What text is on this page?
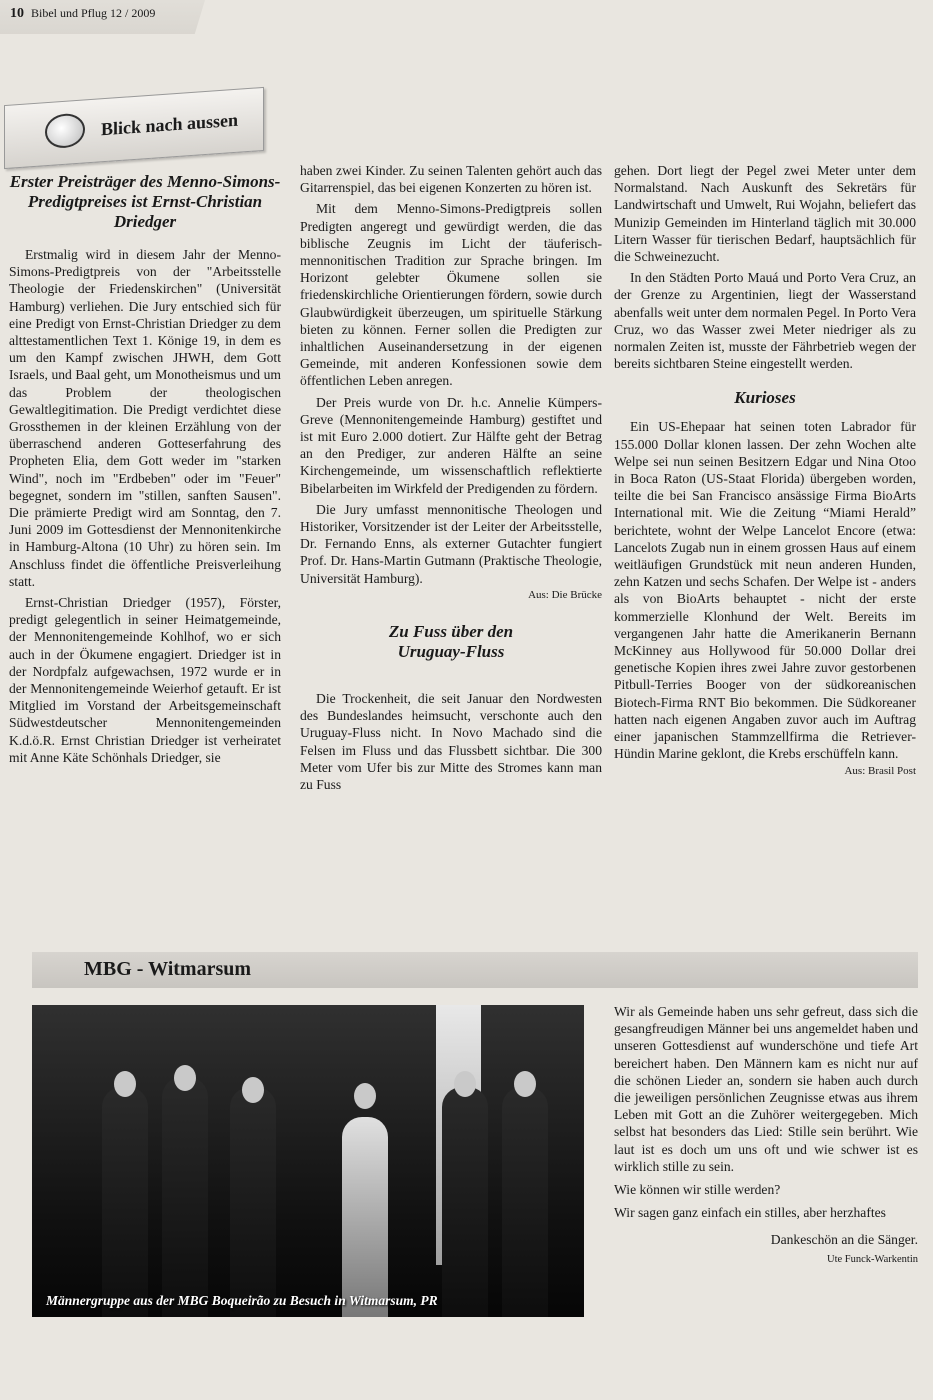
10 Bibel und Pflug 12 / 2009
Blick nach aussen
Erster Preisträger des Menno-Simons-Predigtpreises ist Ernst-Christian Driedger

Erstmalig wird in diesem Jahr der Menno-Simons-Predigtpreis von der "Arbeitsstelle Theologie der Friedenskirchen" (Universität Hamburg) verliehen. Die Jury entschied sich für eine Predigt von Ernst-Christian Driedger zu dem alttestamentlichen Text 1. Könige 19, in dem es um den Kampf zwischen JHWH, dem Gott Israels, und Baal geht, um Monotheismus und um das Problem der theologischen Gewaltlegitimation. Die Predigt verdichtet diese Grossthemen in der kleinen Erzählung von der überraschend anderen Gotteserfahrung des Propheten Elia, dem Gott weder im "starken Wind", noch im "Erdbeben" oder im "Feuer" begegnet, sondern im "stillen, sanften Sausen". Die prämierte Predigt wird am Sonntag, den 7. Juni 2009 im Gottesdienst der Mennonitenkirche in Hamburg-Altona (10 Uhr) zu hören sein. Im Anschluss findet die öffentliche Preisverleihung statt.

Ernst-Christian Driedger (1957), Förster, predigt gelegentlich in seiner Heimatgemeinde, der Mennonitengemeinde Kohlhof, wo er sich auch in der Ökumene engagiert. Driedger ist in der Nordpfalz aufgewachsen, 1972 wurde er in der Mennonitengemeinde Weierhof getauft. Er ist Mitglied im Vorstand der Arbeitsgemeinschaft Südwestdeutscher Mennonitengemeinden K.d.ö.R. Ernst Christian Driedger ist verheiratet mit Anne Käte Schönhals Driedger, sie

haben zwei Kinder. Zu seinen Talenten gehört auch das Gitarrenspiel, das bei eigenen Konzerten zu hören ist.

Mit dem Menno-Simons-Predigtpreis sollen Predigten angeregt und gewürdigt werden, die das biblische Zeugnis im Licht der täuferisch-mennonitischen Tradition zur Sprache bringen. Im Horizont gelebter Ökumene sollen sie friedenskirchliche Orientierungen fördern, sowie durch Glaubwürdigkeit überzeugen, um spirituelle Stärkung bieten zu können. Ferner sollen die Predigten zur inhaltlichen Auseinandersetzung in der eigenen Gemeinde, mit anderen Konfessionen sowie dem öffentlichen Leben anregen.

Der Preis wurde von Dr. h.c. Annelie Kümpers-Greve (Mennonitengemeinde Hamburg) gestiftet und ist mit Euro 2.000 dotiert. Zur Hälfte geht der Betrag an den Prediger, zur anderen Hälfte an seine Kirchengemeinde, um wissenschaftlich reflektierte Bibelarbeiten im Wirkfeld der Predigenden zu fördern.

Die Jury umfasst mennonitische Theologen und Historiker, Vorsitzender ist der Leiter der Arbeitsstelle, Dr. Fernando Enns, als externer Gutachter fungiert Prof. Dr. Hans-Martin Gutmann (Praktische Theologie, Universität Hamburg).

Aus: Die Brücke
Zu Fuss über den
Uruguay-Fluss

Die Trockenheit, die seit Januar den Nordwesten des Bundeslandes heimsucht, verschonte auch den Uruguay-Fluss nicht. In Novo Machado sind die Felsen im Fluss und das Flussbett sichtbar. Die 300 Meter vom Ufer bis zur Mitte des Stromes kann man zu Fuss

gehen. Dort liegt der Pegel zwei Meter unter dem Normalstand. Nach Auskunft des Sekretärs für Landwirtschaft und Umwelt, Rui Wojahn, beliefert das Munizip Gemeinden im Hinterland täglich mit 30.000 Litern Wasser für tierischen Bedarf, hauptsächlich für die Schweinezucht.

In den Städten Porto Mauá und Porto Vera Cruz, an der Grenze zu Argentinien, liegt der Wasserstand abenfalls weit unter dem normalen Pegel. In Porto Vera Cruz, wo das Wasser zwei Meter niedriger als zu normalen Zeiten ist, musste der Fährbetrieb wegen der bereits sichtbaren Steine eingestellt werden.

Kurioses

Ein US-Ehepaar hat seinen toten Labrador für 155.000 Dollar klonen lassen. Der zehn Wochen alte Welpe sei nun seinen Besitzern Edgar und Nina Otoo in Boca Raton (US-Staat Florida) übergeben worden, teilte die bei San Francisco ansässige Firma BioArts International mit. Wie die Zeitung “Miami Herald” berichtete, wohnt der Welpe Lancelot Encore (etwa: Lancelots Zugab nun in einem grossen Haus auf einem weitläufigen Grundstück mit neun anderen Hunden, zehn Katzen und sechs Schafen. Der Welpe ist - anders als von BioArts behauptet - nicht der erste kommerzielle Klonhund der Welt. Bereits im vergangenen Jahr hatte die Amerikanerin Bernann McKinney aus Hollywood für 50.000 Dollar drei genetische Kopien ihres zwei Jahre zuvor gestorbenen Pitbull-Terries Booger von der südkoreanischen Biotech-Firma RNT Bio bekommen. Die Südkoreaner hatten nach eigenen Angaben zuvor auch im Auftrag einer japanischen Stammzellfirma die Retriever-Hündin Marine geklont, die Krebs erschüffeln kann.

Aus: Brasil Post
MBG - Witmarsum
Männergruppe aus der MBG Boqueirão zu Besuch in Witmarsum, PR

Wir als Gemeinde haben uns sehr gefreut, dass sich die gesangfreudigen Männer bei uns angemeldet haben und unseren Gottesdienst auf wunderschöne und tiefe Art bereichert haben. Den Männern kam es nicht nur auf die schönen Lieder an, sondern sie haben auch durch die jeweiligen persönlichen Zeugnisse etwas aus ihrem Leben mit Gott an die Zuhörer weitergegeben. Mich selbst hat besonders das Lied: Stille sein berührt. Wie laut ist es doch um uns oft und wie schwer ist es wirklich stille zu sein.

Wie können wir stille werden?

Wir sagen ganz einfach ein stilles, aber herzhaftes

Dankeschön an die Sänger.
Ute Funck-Warkentin
